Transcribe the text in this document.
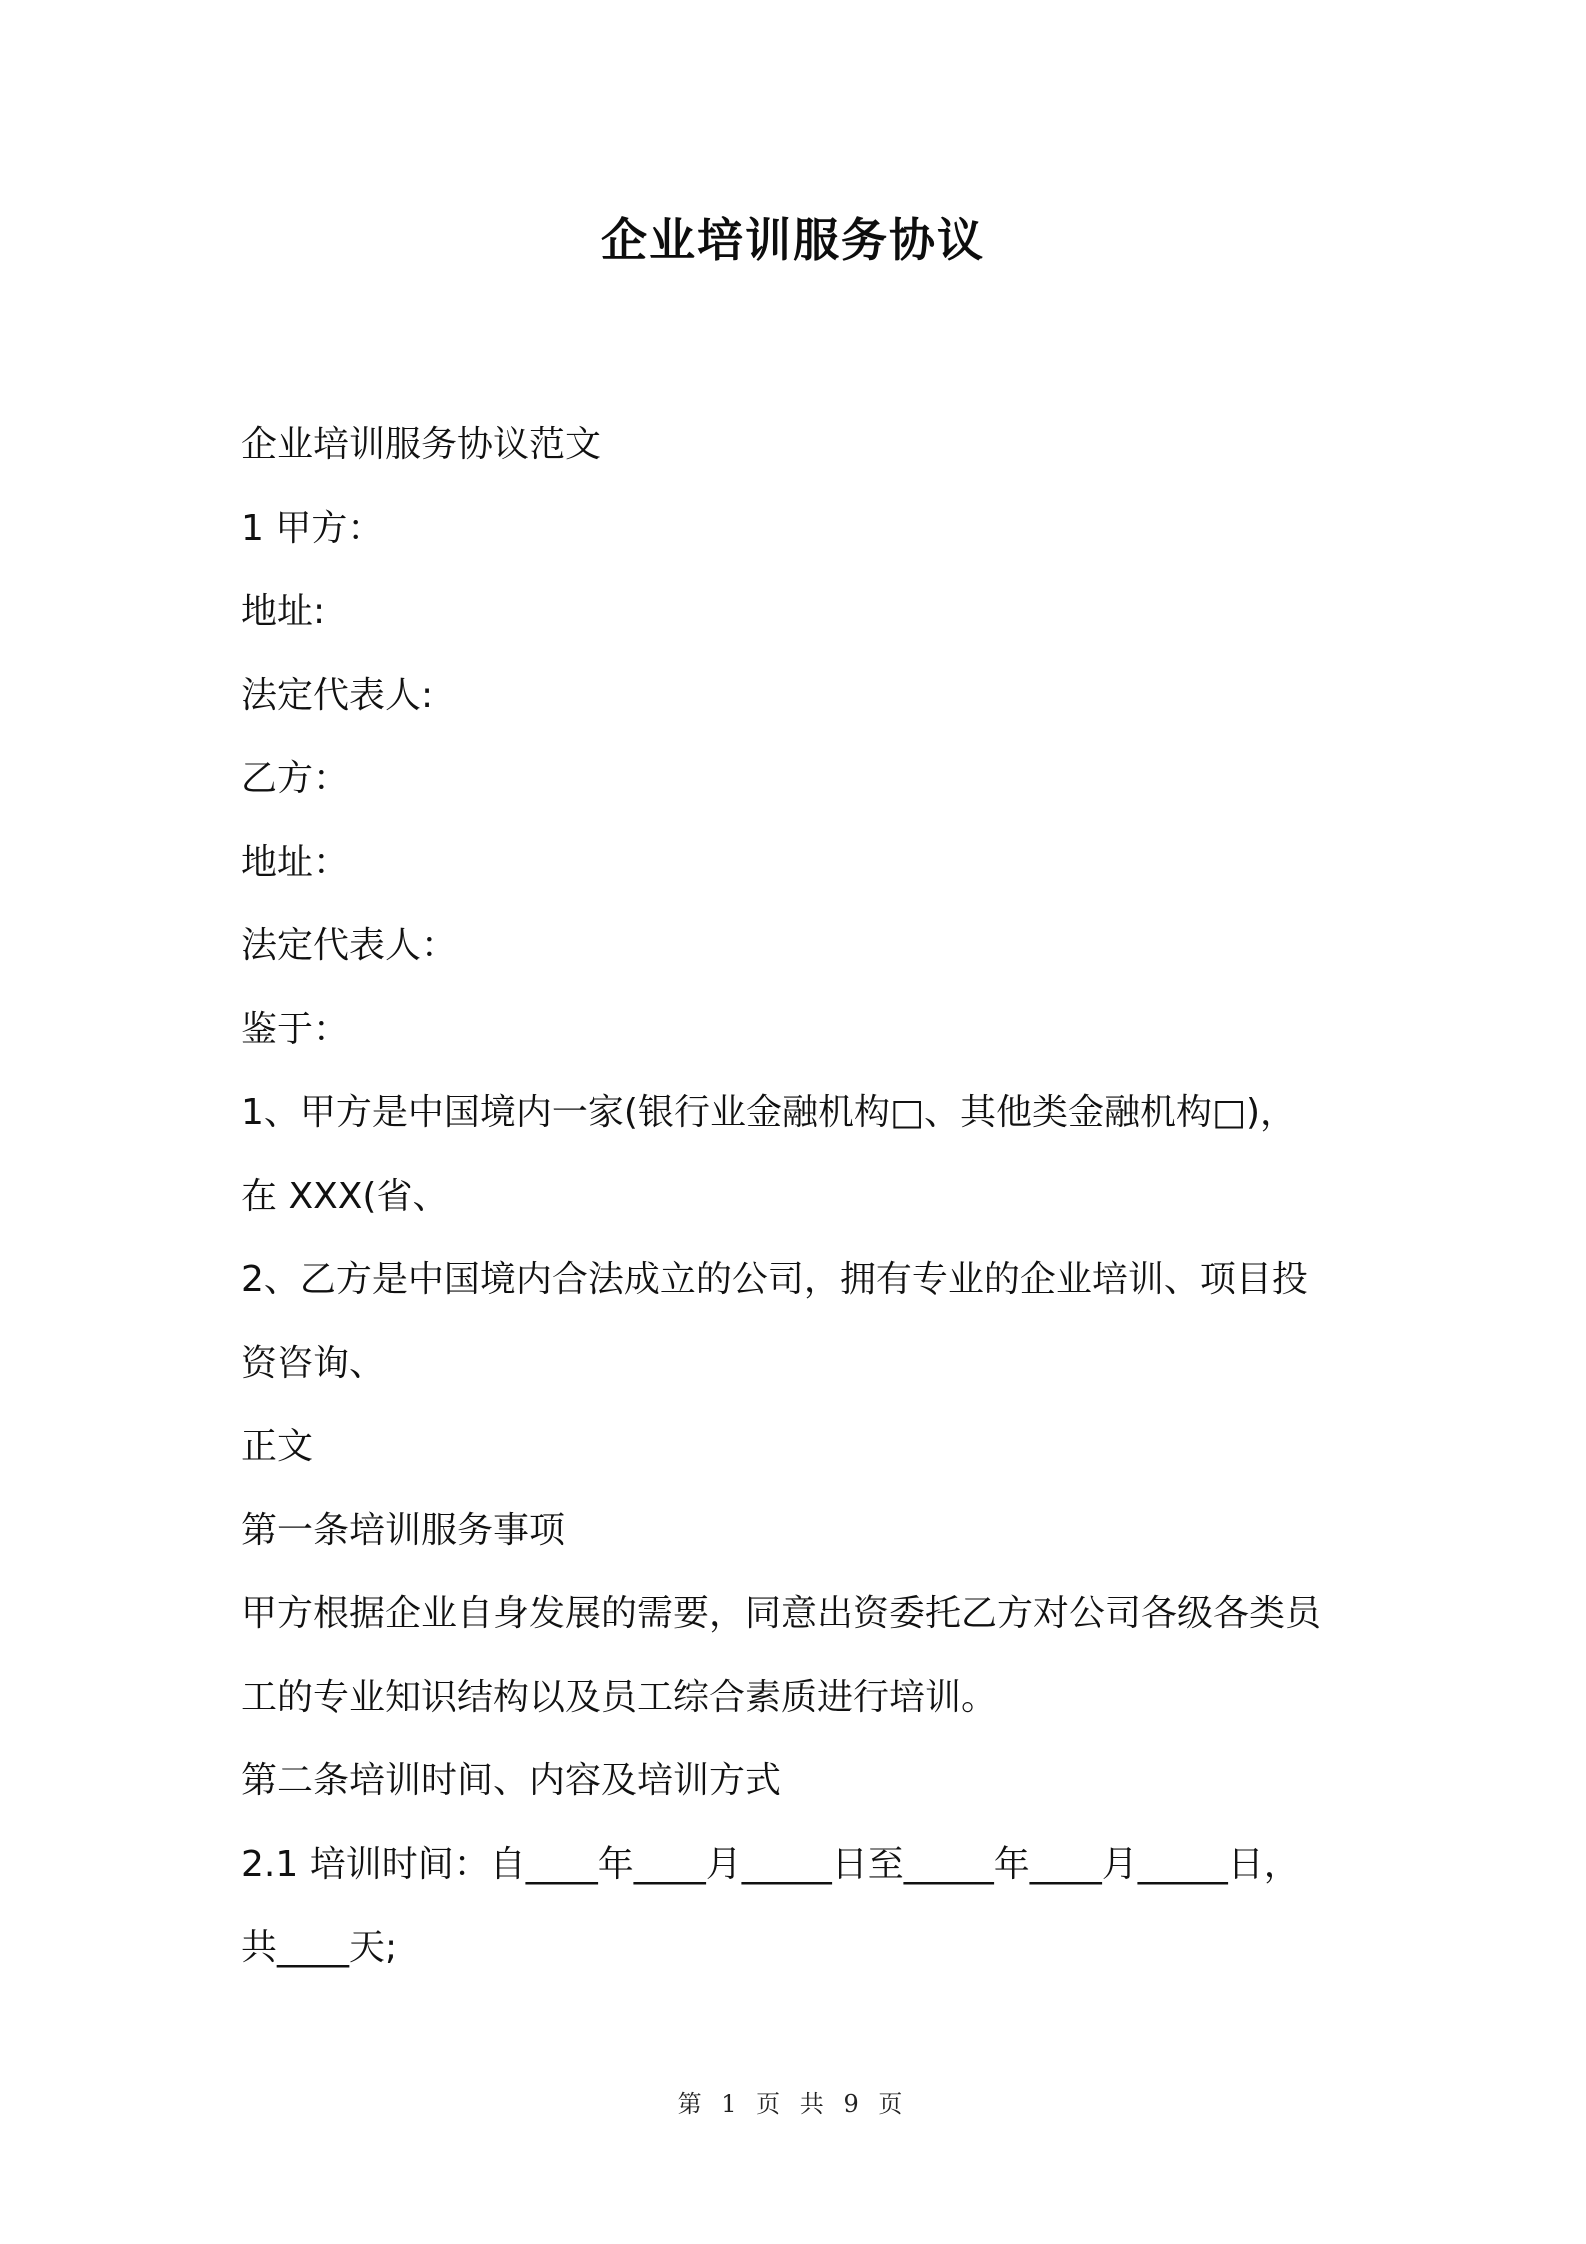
企业培训服务协议
企业培训服务协议范文
1 甲方：
地址:
法定代表人:
乙方：
地址：
法定代表人：
鉴于：
1、甲方是中国境内一家(银行业金融机构□、其他类金融机构□)，
在 XXX(省、
2、乙方是中国境内合法成立的公司，拥有专业的企业培训、项目投
资咨询、
正文
第一条培训服务事项
甲方根据企业自身发展的需要，同意出资委托乙方对公司各级各类员
工的专业知识结构以及员工综合素质进行培训。
第二条培训时间、内容及培训方式
2.1 培训时间：自____年____月_____日至_____年____月_____日，
共____天;
第 1 页 共 9 页
